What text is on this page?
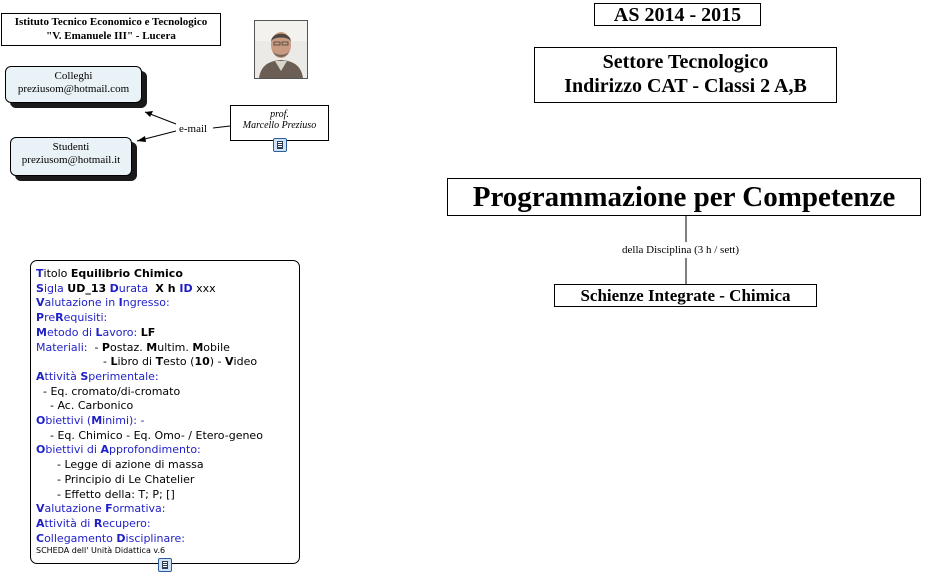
Istituto Tecnico Economico e Tecnologico
"V. Emanuele III" - Lucera
Colleghi
preziusom@hotmail.com
Studenti
preziusom@hotmail.it
e-mail
prof.
Marcello Preziuso
AS 2014 - 2015
Settore Tecnologico
Indirizzo CAT - Classi 2 A,B
Programmazione per Competenze
della Disciplina (3 h / sett)
Schienze Integrate - Chimica
Titolo Equilibrio Chimico
Sigla UD_13 Durata  X h ID xxx
Valutazione in Ingresso:
PreRequisiti:
Metodo di Lavoro: LF
Materiali:  - Postaz. Multim. Mobile
- Libro di Testo (10) - Video
Attività Sperimentale:
- Eq. cromato/di-cromato
- Ac. Carbonico
Obiettivi (Minimi): -
- Eq. Chimico - Eq. Omo- / Etero-geneo
Obiettivi di Approfondimento:
- Legge di azione di massa
- Principio di Le Chatelier
- Effetto della: T; P; []
Valutazione Formativa:
Attività di Recupero:
Collegamento Disciplinare:
SCHEDA dell' Unità Didattica v.6
